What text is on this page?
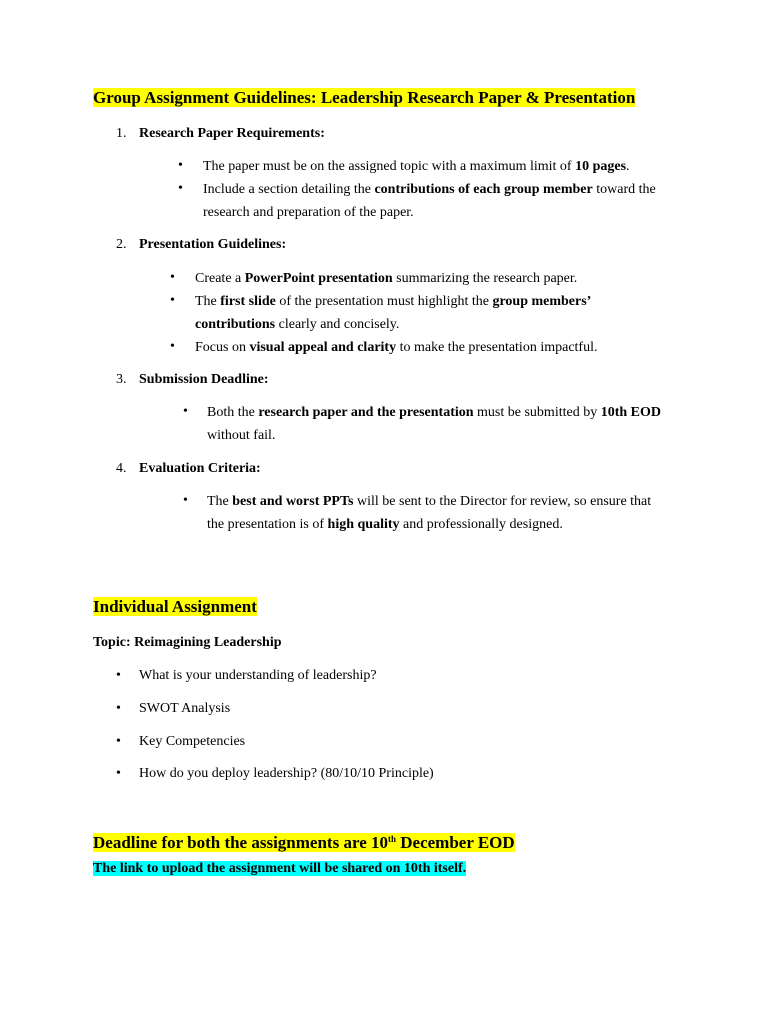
Group Assignment Guidelines: Leadership Research Paper & Presentation
1. Research Paper Requirements:
• The paper must be on the assigned topic with a maximum limit of 10 pages.
• Include a section detailing the contributions of each group member toward the research and preparation of the paper.
2. Presentation Guidelines:
• Create a PowerPoint presentation summarizing the research paper.
• The first slide of the presentation must highlight the group members’ contributions clearly and concisely.
• Focus on visual appeal and clarity to make the presentation impactful.
3. Submission Deadline:
• Both the research paper and the presentation must be submitted by 10th EOD without fail.
4. Evaluation Criteria:
• The best and worst PPTs will be sent to the Director for review, so ensure that the presentation is of high quality and professionally designed.
Individual Assignment
Topic: Reimagining Leadership
• What is your understanding of leadership?
• SWOT Analysis
• Key Competencies
• How do you deploy leadership? (80/10/10 Principle)
Deadline for both the assignments are 10th December EOD
The link to upload the assignment will be shared on 10th itself.
